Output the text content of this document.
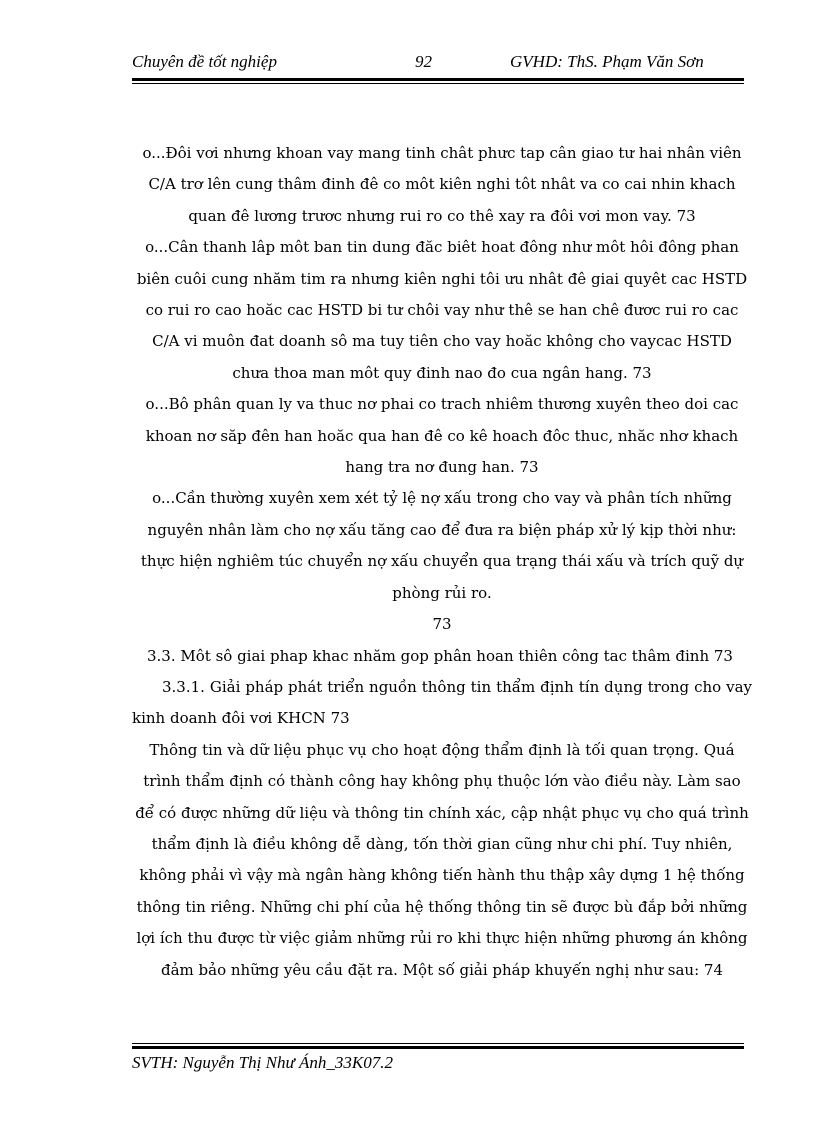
Chuyên đề tốt nghiệp	92	GVHD: ThS. Phạm Văn Sơn

o...Đôi vơi nhưng khoan vay mang tinh chât phưc tap cân giao tư hai nhân viên C/A trơ lên cung thâm đinh đê co môt kiên nghi tôt nhât va co cai nhin khach quan đê lương trươc nhưng rui ro co thê xay ra đôi vơi mon vay. 73

o...Cân thanh lâp môt ban tin dung đăc biêt hoat đông như môt hôi đông phan biên cuôi cung nhăm tim ra nhưng kiên nghi tôi ưu nhât đê giai quyêt cac HSTD co rui ro cao hoăc cac HSTD bi tư chôi vay như thê se han chê đươc rui ro cac C/A vi muôn đat doanh sô ma tuy tiên cho vay hoăc không cho vaycac HSTD chưa thoa man môt quy đinh nao đo cua ngân hang. 73

o...Bô phân quan ly va thuc nơ phai co trach nhiêm thương xuyên theo doi cac khoan nơ săp đên han hoăc qua han đê co kê hoach đôc thuc, nhăc nhơ khach hang tra nơ đung han. 73

o...Cần thường xuyên xem xét tỷ lệ nợ xấu trong cho vay và phân tích những nguyên nhân làm cho nợ xấu tăng cao để đưa ra biện pháp xử lý kịp thời như: thực hiện nghiêm túc chuyển nợ xấu chuyển qua trạng thái xấu và trích quỹ dự phòng rủi ro.

73

3.3. Môt sô giai phap khac nhăm gop phân hoan thiên công tac thâm đinh 73

3.3.1. Giải pháp phát triển nguồn thông tin thẩm định tín dụng trong cho vay kinh doanh đôi vơi KHCN 73

Thông tin và dữ liệu phục vụ cho hoạt động thẩm định là tối quan trọng. Quá trình thẩm định có thành công hay không phụ thuộc lớn vào điều này. Làm sao để có được những dữ liệu và thông tin chính xác, cập nhật phục vụ cho quá trình thẩm định là điều không dễ dàng, tốn thời gian cũng như chi phí. Tuy nhiên, không phải vì vậy mà ngân hàng không tiến hành thu thập xây dựng 1 hệ thống thông tin riêng. Những chi phí của hệ thống thông tin sẽ được bù đắp bởi những lợi ích thu được từ việc giảm những rủi ro khi thực hiện những phương án không đảm bảo những yêu cầu đặt ra. Một số giải pháp khuyến nghị như sau: 74

SVTH: Nguyễn Thị Như Ánh_33K07.2
